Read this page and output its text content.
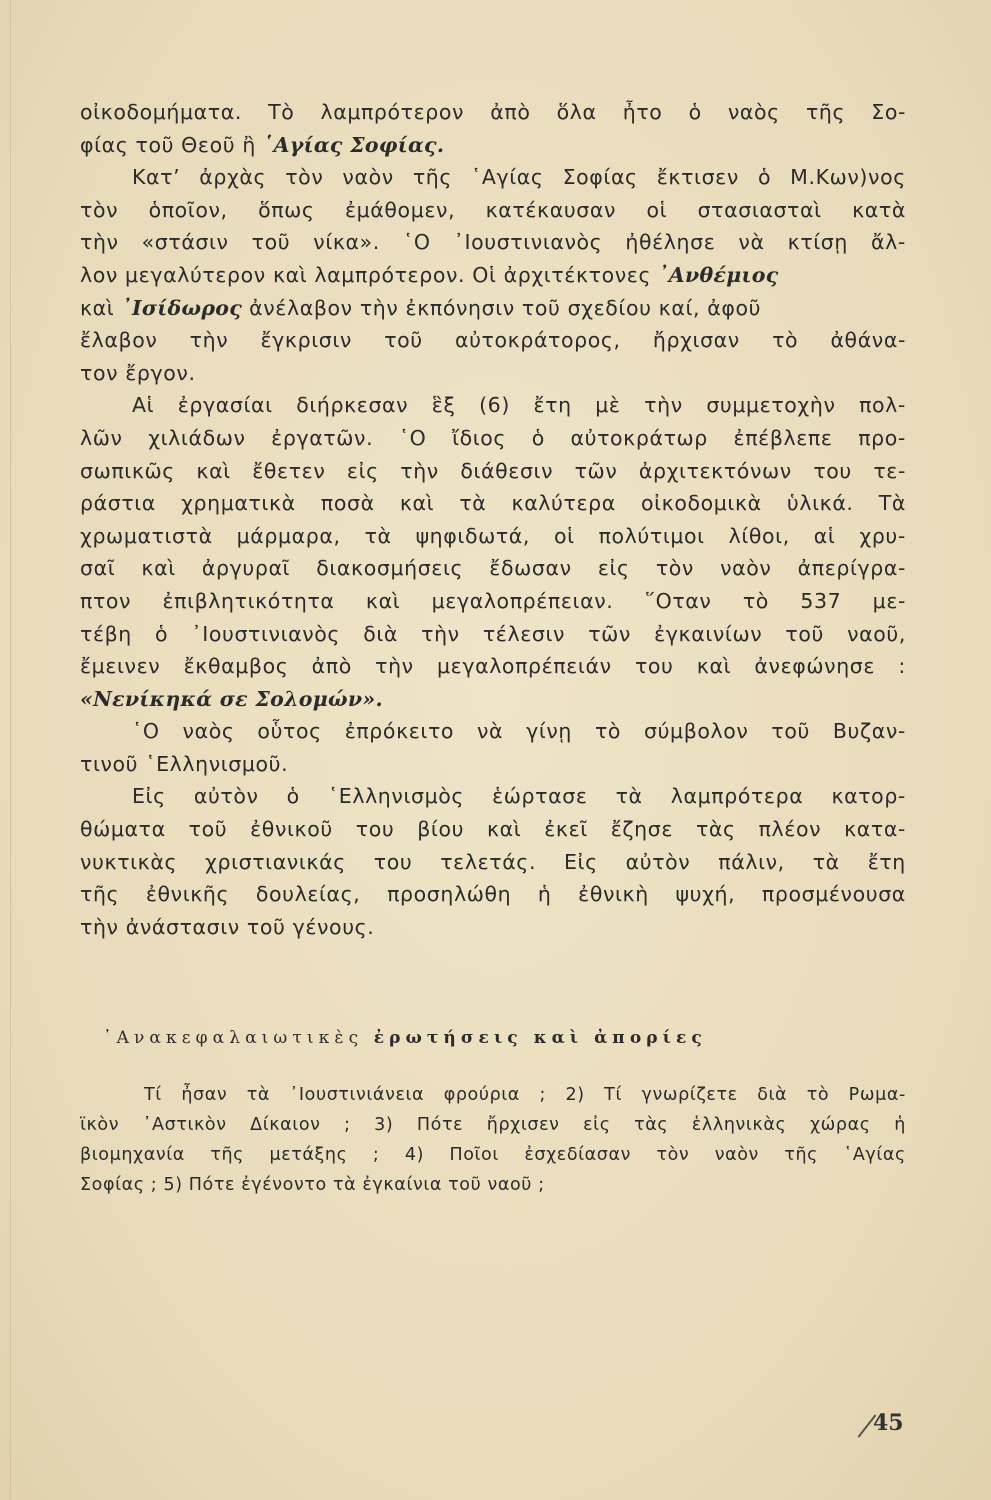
οἰκοδομήματα. Τὸ λαμπρότερον ἀπὸ ὅλα ἦτο ὁ ναὸς τῆς Σο-
φίας τοῦ Θεοῦ ἢ ῾Αγίας Σοφίας.
Κατ’ ἀρχὰς τὸν ναὸν τῆς ῾Αγίας Σοφίας ἔκτισεν ὁ Μ.Κων)νος
τὸν ὁποῖον, ὅπως ἐμάθομεν, κατέκαυσαν οἱ στασιασταὶ κατὰ
τὴν «στάσιν τοῦ νίκα». ῾Ο ᾿Ιουστινιανὸς ἠθέλησε νὰ κτίσῃ ἄλ-
λον μεγαλύτερον καὶ λαμπρότερον. Οἱ ἀρχιτέκτονες ᾿Ανθέμιος
καὶ ᾿Ισίδωρος ἀνέλαβον τὴν ἐκπόνησιν τοῦ σχεδίου καί, ἀφοῦ
ἔλαβον τὴν ἔγκρισιν τοῦ αὐτοκράτορος, ἤρχισαν τὸ ἀθάνα-
τον ἔργον.
Αἱ ἐργασίαι διήρκεσαν ἓξ (6) ἔτη μὲ τὴν συμμετοχὴν πολ-
λῶν χιλιάδων ἐργατῶν. ῾Ο ἴδιος ὁ αὐτοκράτωρ ἐπέβλεπε προ-
σωπικῶς καὶ ἔθετεν εἰς τὴν διάθεσιν τῶν ἀρχιτεκτόνων του τε-
ράστια χρηματικὰ ποσὰ καὶ τὰ καλύτερα οἰκοδομικὰ ὑλικά. Τὰ
χρωματιστὰ μάρμαρα, τὰ ψηφιδωτά, οἱ πολύτιμοι λίθοι, αἱ χρυ-
σαῖ καὶ ἀργυραῖ διακοσμήσεις ἔδωσαν εἰς τὸν ναὸν ἀπερίγρα-
πτον ἐπιβλητικότητα καὶ μεγαλοπρέπειαν. ῞Οταν τὸ 537 με-
τέβη ὁ ᾿Ιουστινιανὸς διὰ τὴν τέλεσιν τῶν ἐγκαινίων τοῦ ναοῦ,
ἔμεινεν ἔκθαμβος ἀπὸ τὴν μεγαλοπρέπειάν του καὶ ἀνεφώνησε :
«Νενίκηκά σε Σολομών».
῾Ο ναὸς οὗτος ἐπρόκειτο νὰ γίνῃ τὸ σύμβολον τοῦ Βυζαν-
τινοῦ ῾Ελληνισμοῦ.
Εἰς αὐτὸν ὁ ῾Ελληνισμὸς ἑώρτασε τὰ λαμπρότερα κατορ-
θώματα τοῦ ἐθνικοῦ του βίου καὶ ἐκεῖ ἔζησε τὰς πλέον κατα-
νυκτικὰς χριστιανικάς του τελετάς. Εἰς αὐτὸν πάλιν, τὰ ἔτη
τῆς ἐθνικῆς δουλείας, προσηλώθη ἡ ἐθνικὴ ψυχή, προσμένουσα
τὴν ἀνάστασιν τοῦ γένους.
᾿Ανακεφαλαιωτικὲς ἐρωτήσεις καὶ ἀπορίες
Τί ἦσαν τὰ ᾿Ιουστινιάνεια φρούρια ; 2) Τί γνωρίζετε διὰ τὸ Ρωμα-
ϊκὸν ᾿Αστικὸν Δίκαιον ; 3) Πότε ἤρχισεν εἰς τὰς ἑλληνικὰς χώρας ἡ
βιομηχανία τῆς μετάξης ; 4) Ποῖοι ἐσχεδίασαν τὸν ναὸν τῆς ῾Αγίας
Σοφίας ; 5) Πότε ἐγένοντο τὰ ἐγκαίνια τοῦ ναοῦ ;
45
